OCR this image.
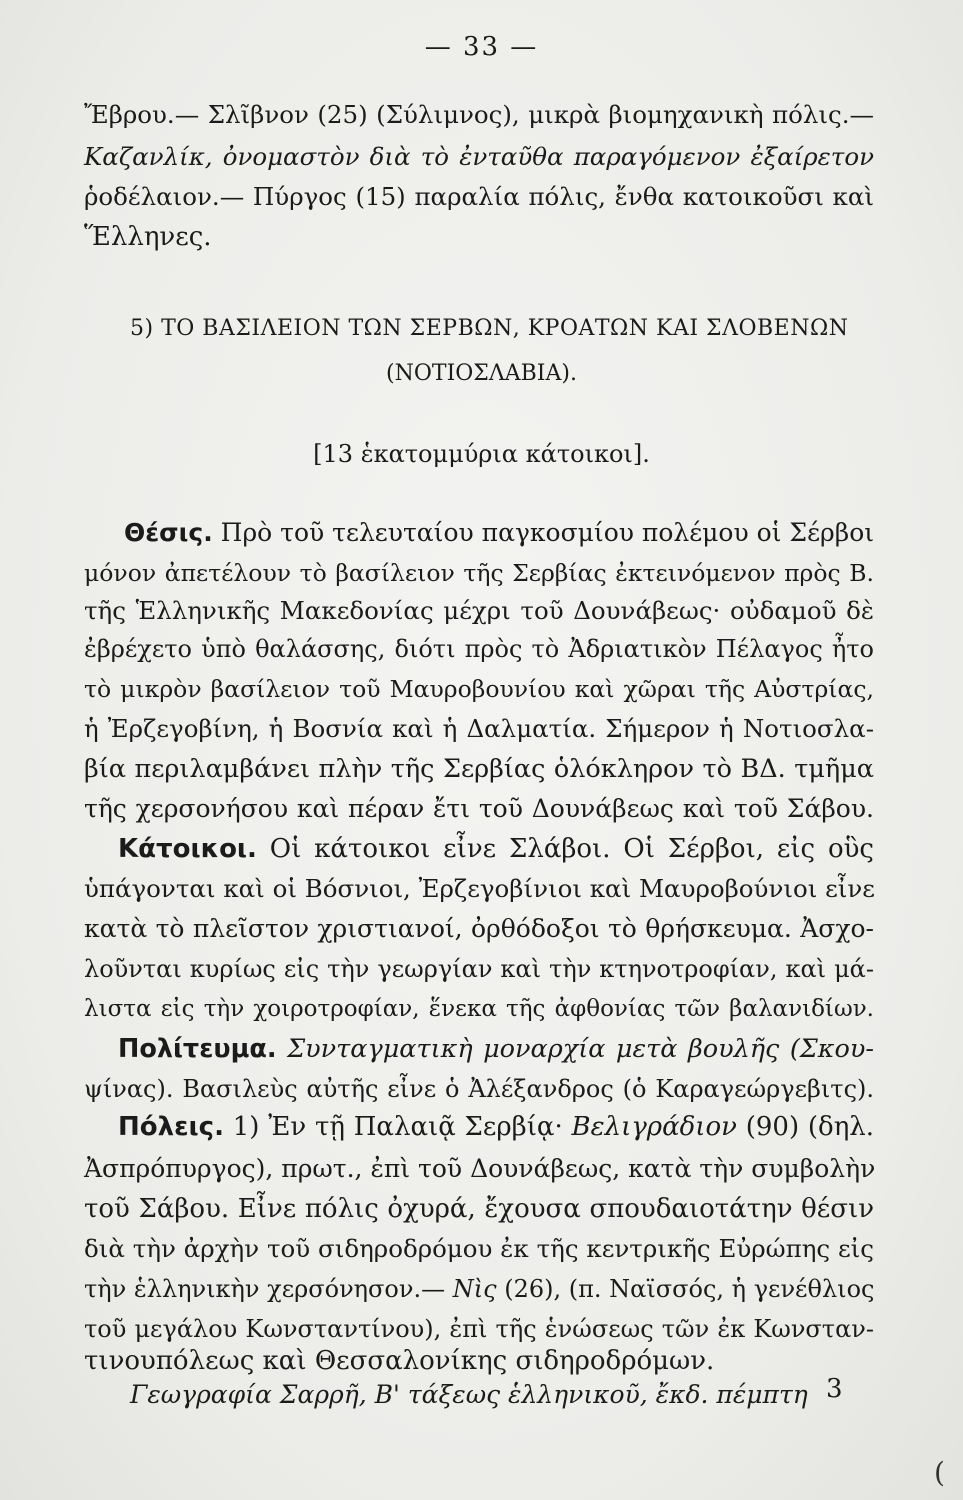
— 33 —
Ἔβρου.— Σλῖβνον (25) (Σύλιμνος), μικρὰ βιομηχανικὴ πόλις.—
Καζανλίκ, ὀνομαστὸν διὰ τὸ ἐνταῦθα παραγόμενον ἐξαίρετον
ῥοδέλαιον.— Πύργος (15) παραλία πόλις, ἔνθα κατοικοῦσι καὶ
Ἕλληνες.
5) ΤΟ ΒΑΣΙΛΕΙΟΝ ΤΩΝ ΣΕΡΒΩΝ, ΚΡΟΑΤΩΝ ΚΑΙ ΣΛΟΒΕΝΩΝ
(ΝΟΤΙΟΣΛΑΒΙΑ).
[13 ἑκατομμύρια κάτοικοι].
Θέσις. Πρὸ τοῦ τελευταίου παγκοσμίου πολέμου οἱ Σέρβοι
μόνον ἀπετέλουν τὸ βασίλειον τῆς Σερβίας ἐκτεινόμενον πρὸς Β.
τῆς Ἑλληνικῆς Μακεδονίας μέχρι τοῦ Δουνάβεως· οὐδαμοῦ δὲ
ἐβρέχετο ὑπὸ θαλάσσης, διότι πρὸς τὸ Ἀδριατικὸν Πέλαγος ἦτο
τὸ μικρὸν βασίλειον τοῦ Μαυροβουνίου καὶ χῶραι τῆς Αὐστρίας,
ἡ Ἐρζεγοβίνη, ἡ Βοσνία καὶ ἡ Δαλματία. Σήμερον ἡ Νοτιοσλα-
βία περιλαμβάνει πλὴν τῆς Σερβίας ὁλόκληρον τὸ ΒΔ. τμῆμα
τῆς χερσονήσου καὶ πέραν ἔτι τοῦ Δουνάβεως καὶ τοῦ Σάβου.
Κάτοικοι. Οἱ κάτοικοι εἶνε Σλάβοι. Οἱ Σέρβοι, εἰς οὓς
ὑπάγονται καὶ οἱ Βόσνιοι, Ἐρζεγοβίνιοι καὶ Μαυροβούνιοι εἶνε
κατὰ τὸ πλεῖστον χριστιανοί, ὀρθόδοξοι τὸ θρήσκευμα. Ἀσχο-
λοῦνται κυρίως εἰς τὴν γεωργίαν καὶ τὴν κτηνοτροφίαν, καὶ μά-
λιστα εἰς τὴν χοιροτροφίαν, ἕνεκα τῆς ἀφθονίας τῶν βαλανιδίων.
Πολίτευμα. Συνταγματικὴ μοναρχία μετὰ βουλῆς (Σκου-
ψίνας). Βασιλεὺς αὐτῆς εἶνε ὁ Ἀλέξανδρος (ὁ Καραγεώργεβιτς).
Πόλεις. 1) Ἐν τῇ Παλαιᾷ Σερβίᾳ· Βελιγράδιον (90) (δηλ.
Ἀσπρόπυργος), πρωτ., ἐπὶ τοῦ Δουνάβεως, κατὰ τὴν συμβολὴν
τοῦ Σάβου. Εἶνε πόλις ὀχυρά, ἔχουσα σπουδαιοτάτην θέσιν
διὰ τὴν ἀρχὴν τοῦ σιδηροδρόμου ἐκ τῆς κεντρικῆς Εὐρώπης εἰς
τὴν ἑλληνικὴν χερσόνησον.— Νὶς (26), (π. Ναϊσσός, ἡ γενέθλιος
τοῦ μεγάλου Κωνσταντίνου), ἐπὶ τῆς ἑνώσεως τῶν ἐκ Κωνσταν-
τινουπόλεως καὶ Θεσσαλονίκης σιδηροδρόμων.
Γεωγραφία Σαρρῆ, Β' τάξεως ἑλληνικοῦ, ἔκδ. πέμπτη 3
(
